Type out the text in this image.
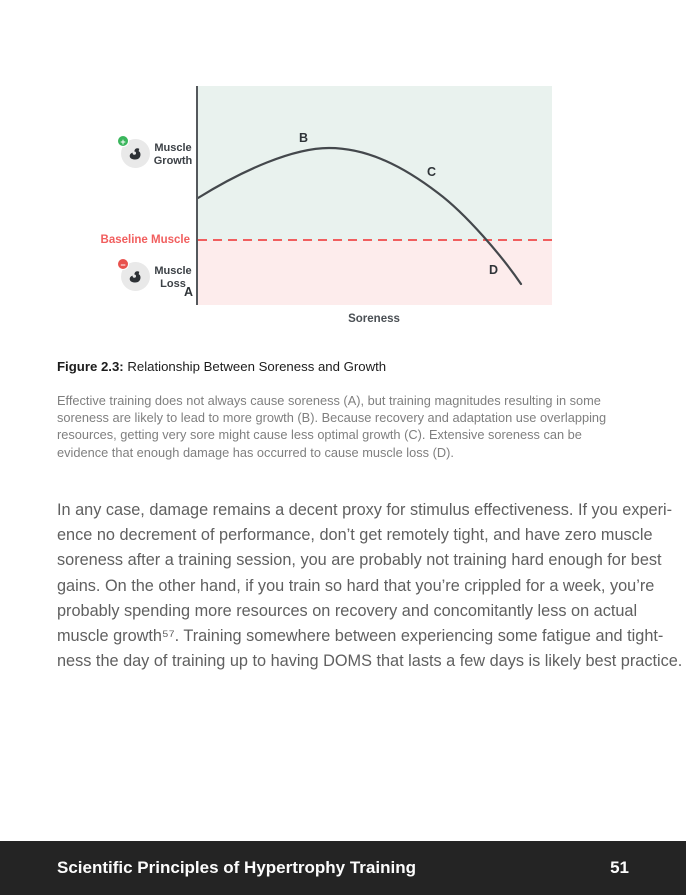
+	Muscle Growth
Baseline Muscle
−	Muscle Loss
A
B
C
D
Soreness
Figure 2.3: Relationship Between Soreness and Growth
Effective training does not always cause soreness (A), but training magnitudes resulting in some
soreness are likely to lead to more growth (B). Because recovery and adaptation use overlapping
resources, getting very sore might cause less optimal growth (C). Extensive soreness can be
evidence that enough damage has occurred to cause muscle loss (D).
In any case, damage remains a decent proxy for stimulus effectiveness. If you experi-
ence no decrement of performance, don’t get remotely tight, and have zero muscle
soreness after a training session, you are probably not training hard enough for best
gains. On the other hand, if you train so hard that you’re crippled for a week, you’re
probably spending more resources on recovery and concomitantly less on actual
muscle growth⁵⁷. Training somewhere between experiencing some fatigue and tight-
ness the day of training up to having DOMS that lasts a few days is likely best practice.
Scientific Principles of Hypertrophy Training	51
